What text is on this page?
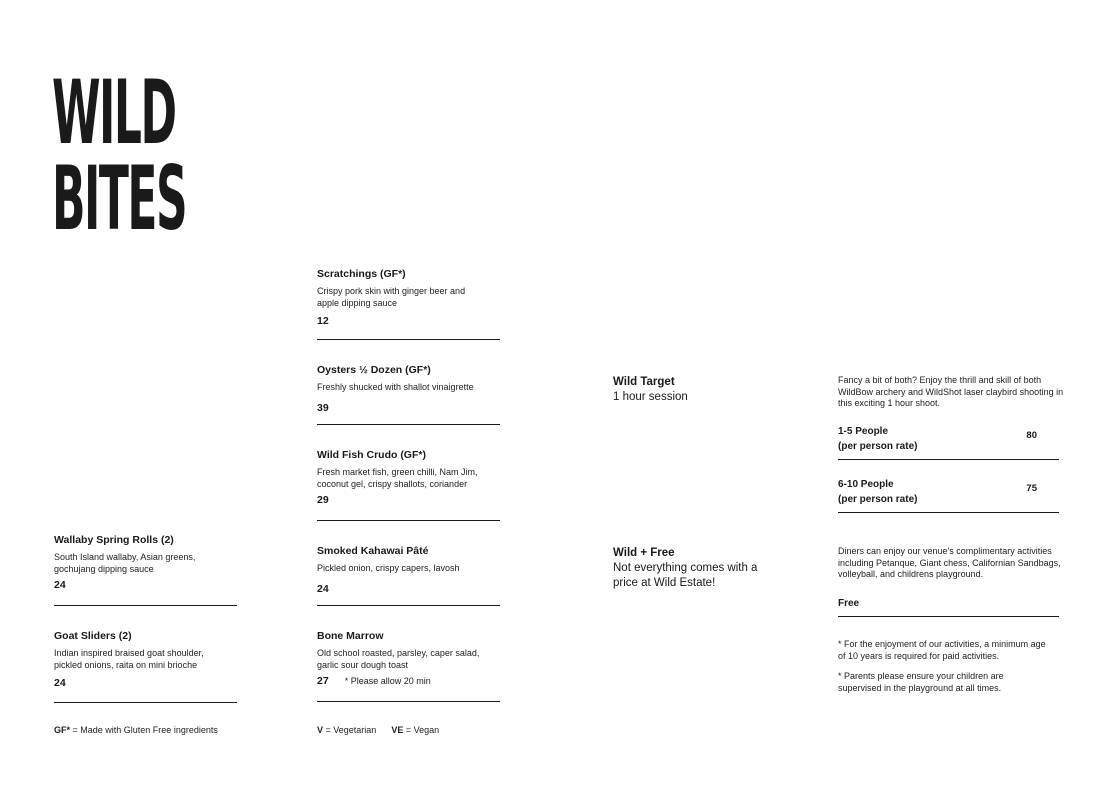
WILD
BITES

Scratchings (GF*)

Crispy pork skin with ginger beer and apple dipping sauce

12

Oysters ½ Dozen (GF*)

Freshly shucked with shallot vinaigrette

39

Wild Fish Crudo (GF*)

Fresh market fish, green chilli, Nam Jim, coconut gel, crispy shallots, coriander

29

Smoked Kahawai Pâté

Pickled onion, crispy capers, lavosh

24

Bone Marrow

Old school roasted, parsley, caper salad, garlic sour dough toast

27 * Please allow 20 min

Wallaby Spring Rolls (2)

South Island wallaby, Asian greens, gochujang dipping sauce

24

Goat Sliders (2)

Indian inspired braised goat shoulder, pickled onions, raita on mini brioche

24
GF* = Made with Gluten Free ingredients	V = Vegetarian VE = Vegan
Wild Target
1 hour session
Fancy a bit of both? Enjoy the thrill and skill of both WildBow archery and WildShot laser claybird shooting in this exciting 1 hour shoot.
1-5 People
(per person rate)
80
6-10 People
(per person rate)
75
Wild + Free
Not everything comes with a price at Wild Estate!
Diners can enjoy our venue's complimentary activities including Petanque, Giant chess, Californian Sandbags, volleyball, and childrens playground.
Free
* For the enjoyment of our activities, a minimum age of 10 years is required for paid activities.
* Parents please ensure your children are supervised in the playground at all times.
